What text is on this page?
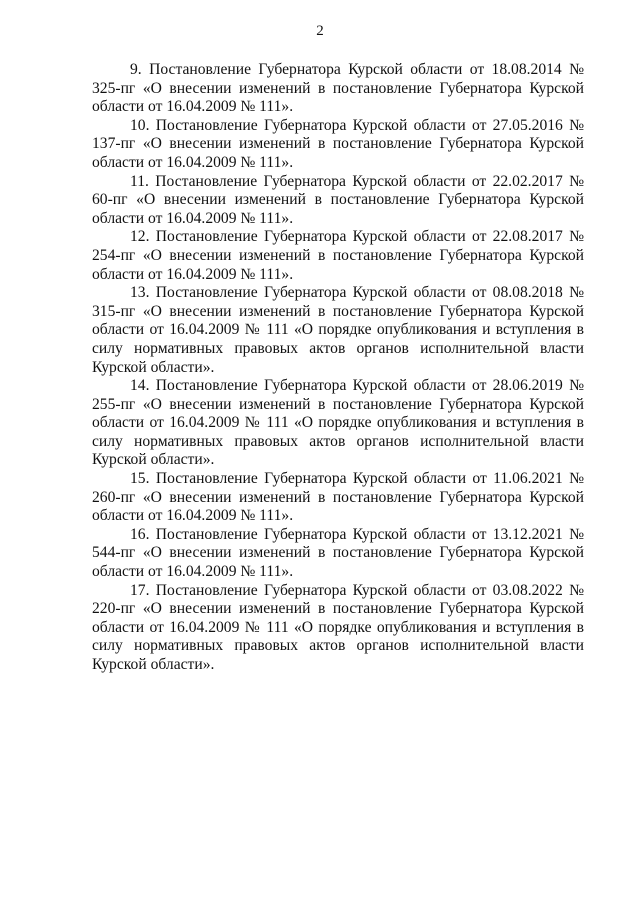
2

9. Постановление Губернатора Курской области от 18.08.2014 № 325-пг «О внесении изменений в постановление Губернатора Курской области от 16.04.2009 № 111».

10. Постановление Губернатора Курской области от 27.05.2016 № 137-пг «О внесении изменений в постановление Губернатора Курской области от 16.04.2009 № 111».

11. Постановление Губернатора Курской области от 22.02.2017 № 60-пг «О внесении изменений в постановление Губернатора Курской области от 16.04.2009 № 111».

12. Постановление Губернатора Курской области от 22.08.2017 № 254-пг «О внесении изменений в постановление Губернатора Курской области от 16.04.2009 № 111».

13. Постановление Губернатора Курской области от 08.08.2018 № 315-пг «О внесении изменений в постановление Губернатора Курской области от 16.04.2009 № 111 «О порядке опубликования и вступления в силу нормативных правовых актов органов исполнительной власти Курской области».

14. Постановление Губернатора Курской области от 28.06.2019 № 255-пг «О внесении изменений в постановление Губернатора Курской области от 16.04.2009 № 111 «О порядке опубликования и вступления в силу нормативных правовых актов органов исполнительной власти Курской области».

15. Постановление Губернатора Курской области от 11.06.2021 № 260-пг «О внесении изменений в постановление Губернатора Курской области от 16.04.2009 № 111».

16. Постановление Губернатора Курской области от 13.12.2021 № 544-пг «О внесении изменений в постановление Губернатора Курской области от 16.04.2009 № 111».

17. Постановление Губернатора Курской области от 03.08.2022 № 220-пг «О внесении изменений в постановление Губернатора Курской области от 16.04.2009 № 111 «О порядке опубликования и вступления в силу нормативных правовых актов органов исполнительной власти Курской области».
